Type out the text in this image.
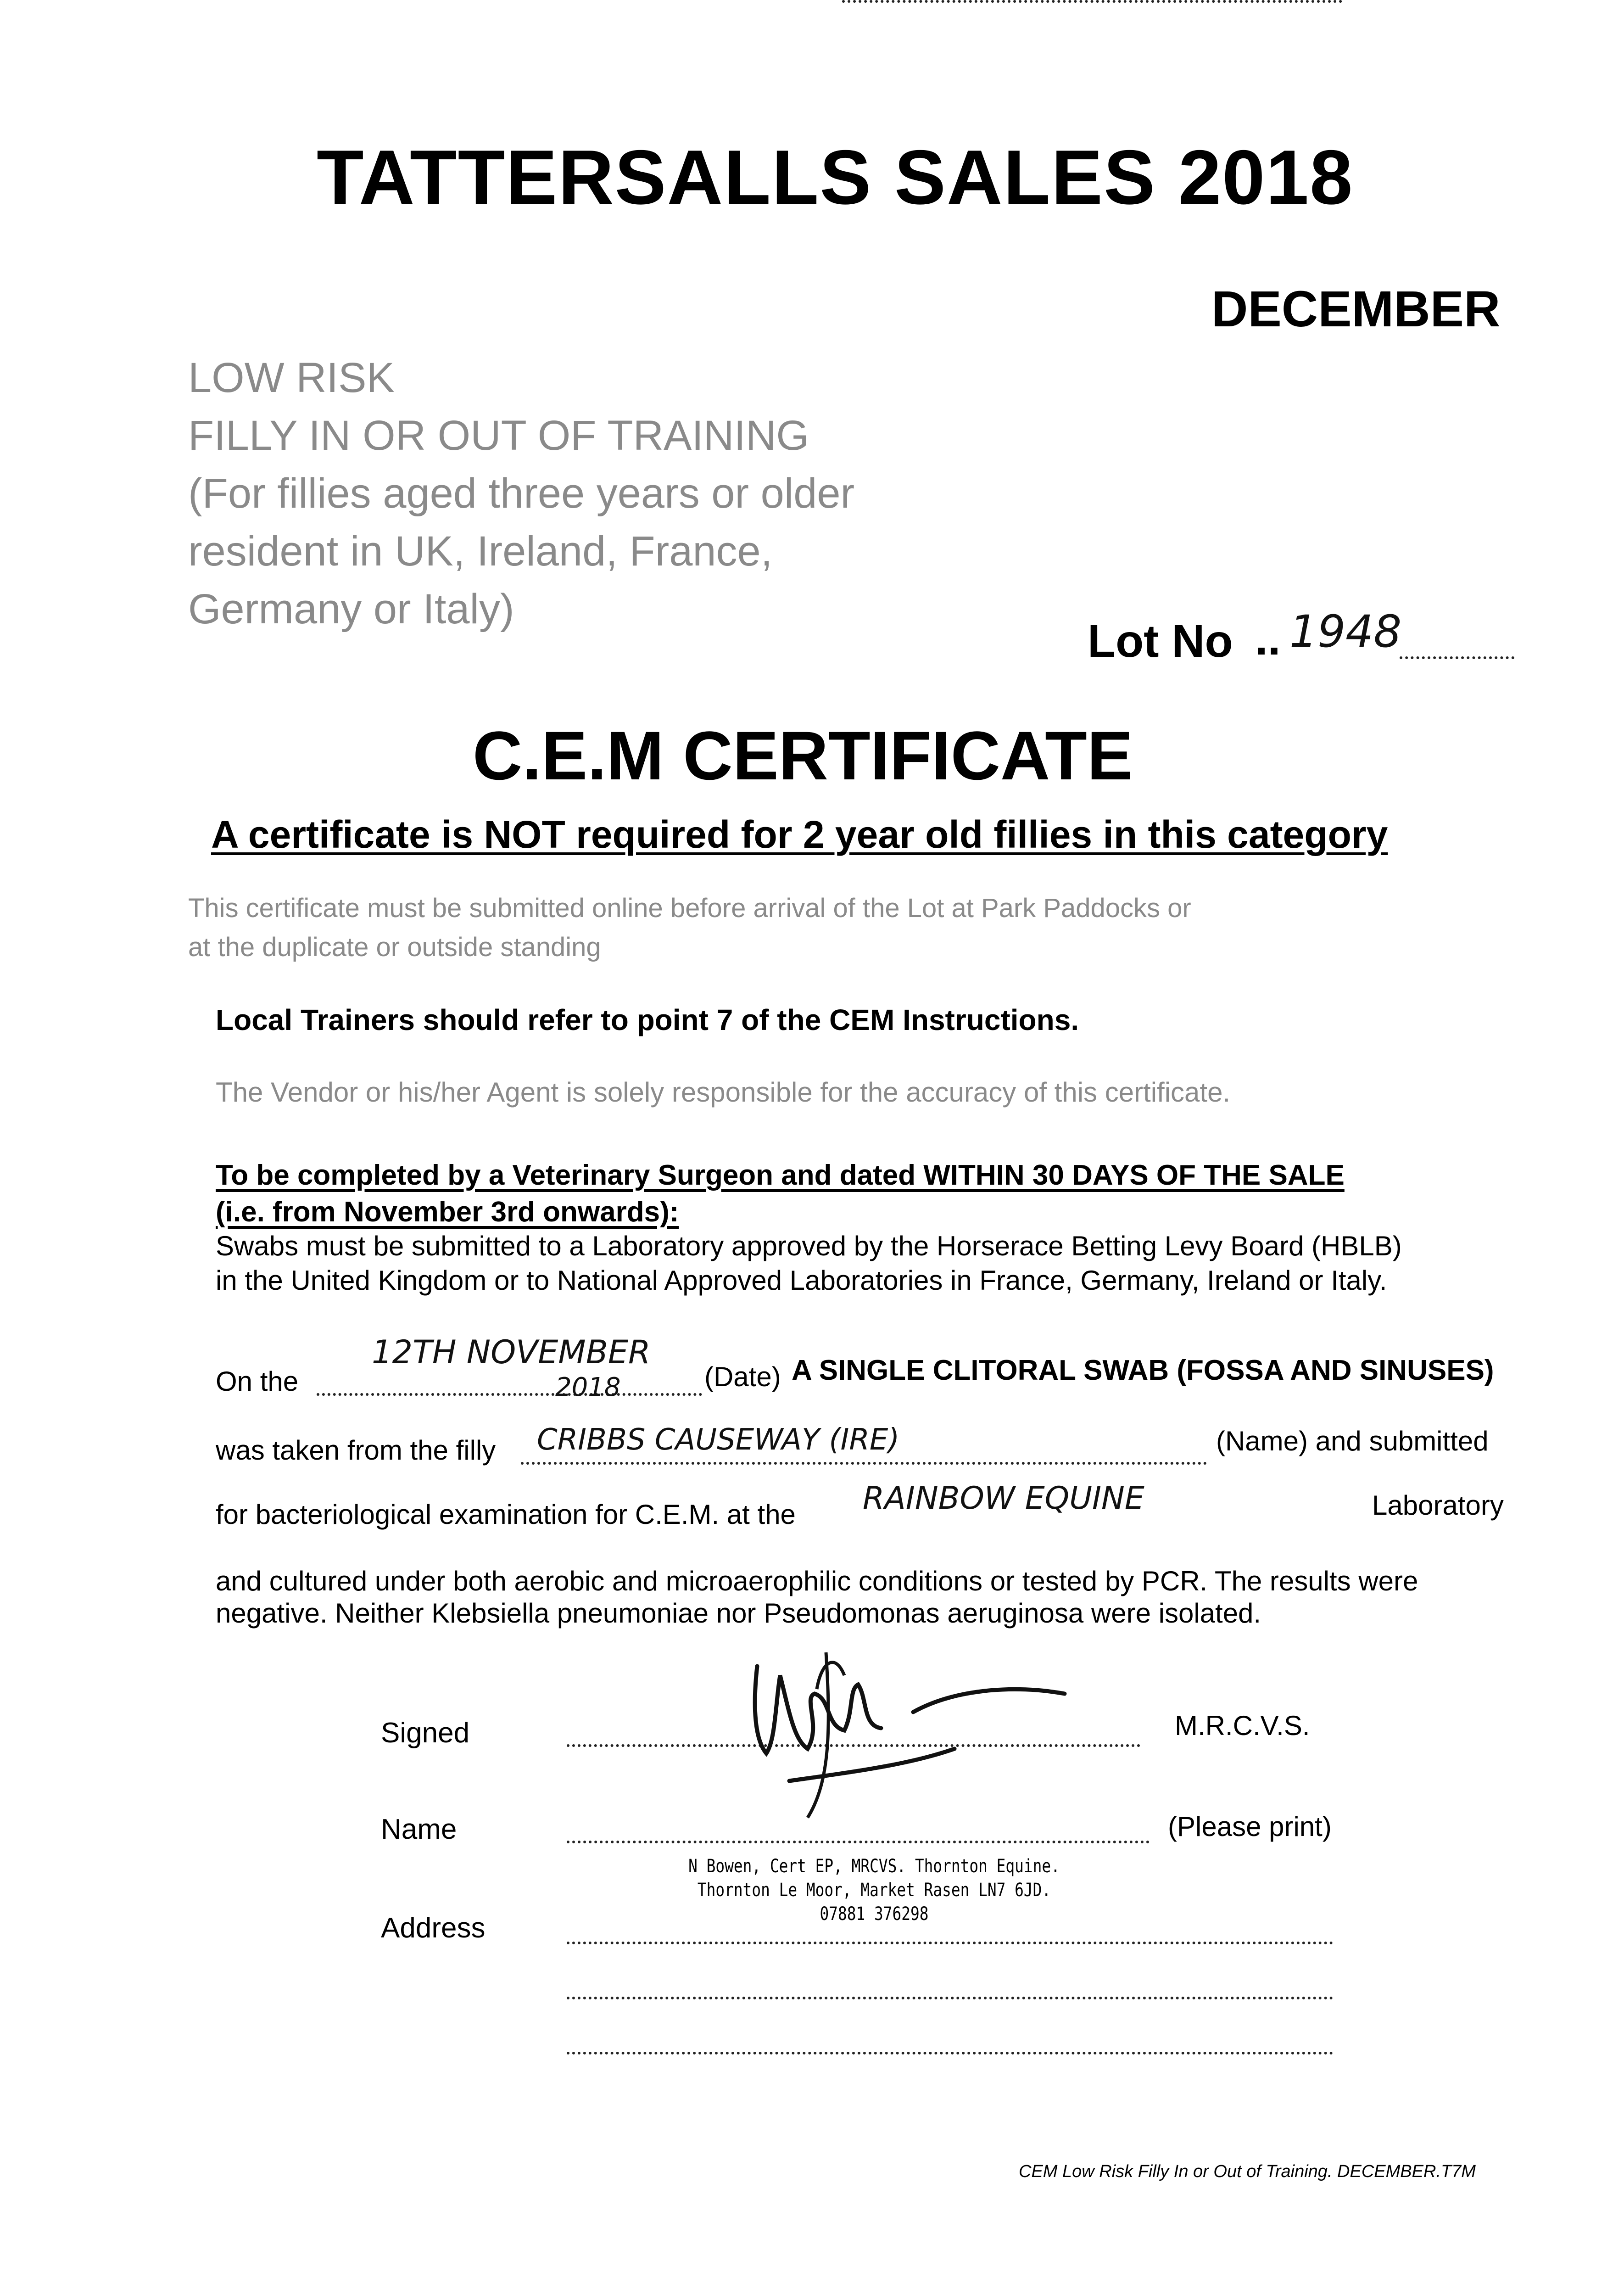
TATTERSALLS SALES 2018
DECEMBER
LOW RISK
FILLY IN OR OUT OF TRAINING
(For fillies aged three years or older
resident in UK, Ireland, France,
Germany or Italy)
Lot No .. 1948
C.E.M CERTIFICATE
A certificate is NOT required for 2 year old fillies in this category
This certificate must be submitted online before arrival of the Lot at Park Paddocks or
at the duplicate or outside standing
Local Trainers should refer to point 7 of the CEM Instructions.
The Vendor or his/her Agent is solely responsible for the accuracy of this certificate.
To be completed by a Veterinary Surgeon and dated WITHIN 30 DAYS OF THE SALE
(i.e. from November 3rd onwards):
Swabs must be submitted to a Laboratory approved by the Horserace Betting Levy Board (HBLB)
in the United Kingdom or to National Approved Laboratories in France, Germany, Ireland or Italy.
On the
12TH NOVEMBER
2018	(Date) A SINGLE CLITORAL SWAB (FOSSA AND SINUSES)
was taken from the filly CRIBBS CAUSEWAY (IRE)	(Name) and submitted
for bacteriological examination for C.E.M. at the RAINBOW EQUINE	Laboratory
and cultured under both aerobic and microaerophilic conditions or tested by PCR. The results were
negative. Neither Klebsiella pneumoniae nor Pseudomonas aeruginosa were isolated.
Signed	M.R.C.V.S.
Name	(Please print)
N Bowen, Cert EP, MRCVS. Thornton Equine.
Thornton Le Moor, Market Rasen LN7 6JD.
07881 376298
Address
CEM Low Risk Filly In or Out of Training. DECEMBER.T7M
